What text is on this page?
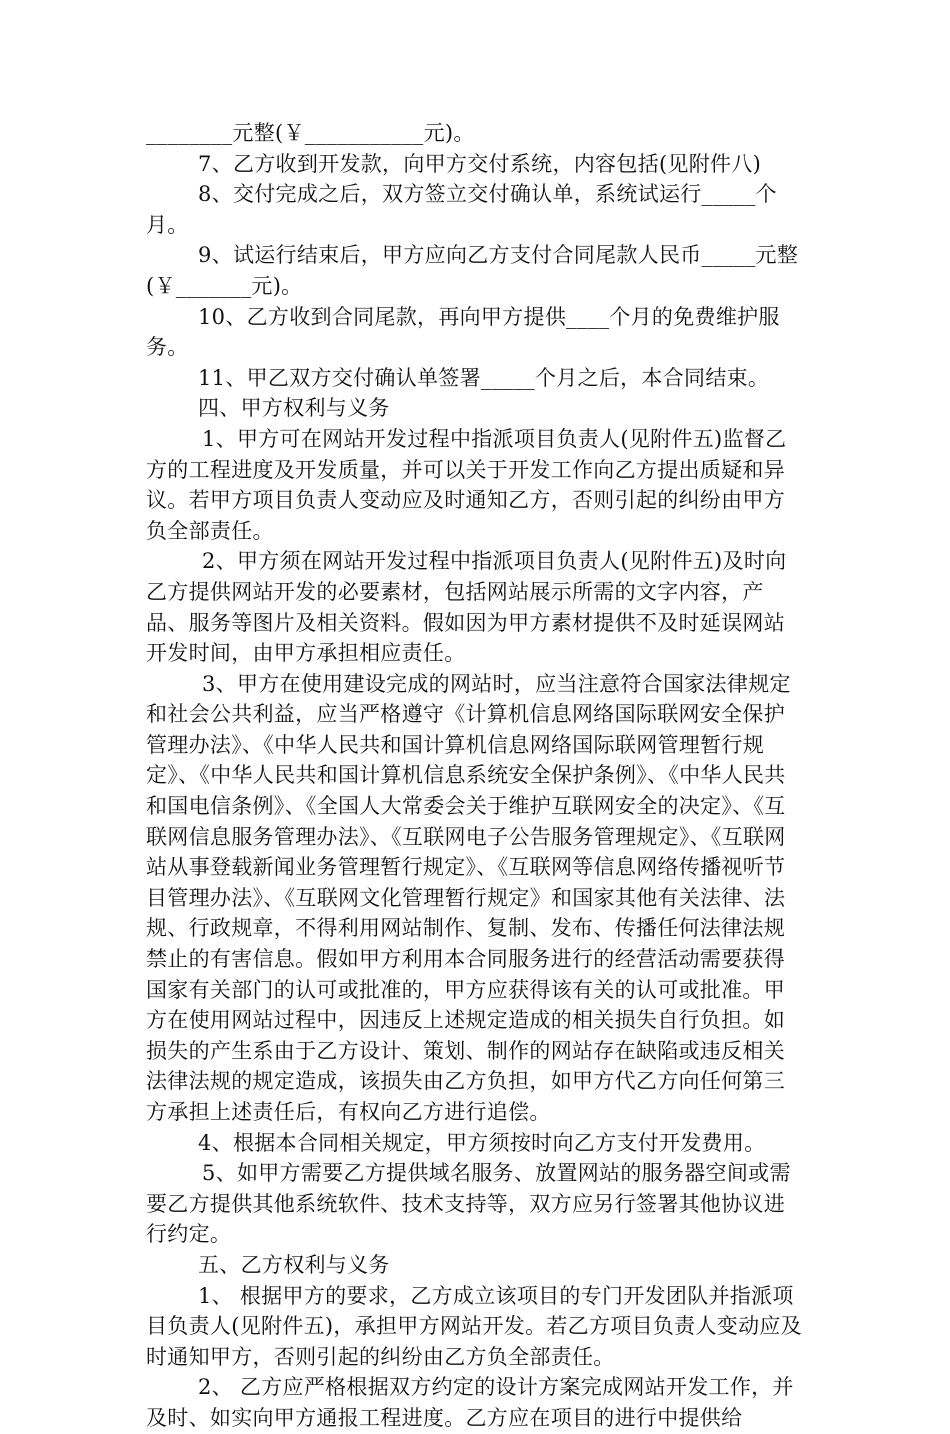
________元整(￥___________元)。

7、乙方收到开发款，向甲方交付系统，内容包括(见附件八)

8、交付完成之后，双方签立交付确认单，系统试运行_____个月。

9、试运行结束后，甲方应向乙方支付合同尾款人民币_____元整(￥_______元)。

10、乙方收到合同尾款，再向甲方提供____个月的免费维护服务。

11、甲乙双方交付确认单签署_____个月之后，本合同结束。

四、甲方权利与义务

1、甲方可在网站开发过程中指派项目负责人(见附件五)监督乙方的工程进度及开发质量，并可以关于开发工作向乙方提出质疑和异议。若甲方项目负责人变动应及时通知乙方，否则引起的纠纷由甲方负全部责任。

2、甲方须在网站开发过程中指派项目负责人(见附件五)及时向乙方提供网站开发的必要素材，包括网站展示所需的文字内容，产品、服务等图片及相关资料。假如因为甲方素材提供不及时延误网站开发时间，由甲方承担相应责任。

3、甲方在使用建设完成的网站时，应当注意符合国家法律规定和社会公共利益，应当严格遵守《计算机信息网络国际联网安全保护管理办法》、《中华人民共和国计算机信息网络国际联网管理暂行规定》、《中华人民共和国计算机信息系统安全保护条例》、《中华人民共和国电信条例》、《全国人大常委会关于维护互联网安全的决定》、《互联网信息服务管理办法》、《互联网电子公告服务管理规定》、《互联网站从事登载新闻业务管理暂行规定》、《互联网等信息网络传播视听节目管理办法》、《互联网文化管理暂行规定》和国家其他有关法律、法规、行政规章，不得利用网站制作、复制、发布、传播任何法律法规禁止的有害信息。假如甲方利用本合同服务进行的经营活动需要获得国家有关部门的认可或批准的，甲方应获得该有关的认可或批准。甲方在使用网站过程中，因违反上述规定造成的相关损失自行负担。如损失的产生系由于乙方设计、策划、制作的网站存在缺陷或违反相关法律法规的规定造成，该损失由乙方负担，如甲方代乙方向任何第三方承担上述责任后，有权向乙方进行追偿。

4、根据本合同相关规定，甲方须按时向乙方支付开发费用。

5、如甲方需要乙方提供域名服务、放置网站的服务器空间或需要乙方提供其他系统软件、技术支持等，双方应另行签署其他协议进行约定。

五、乙方权利与义务

1、 根据甲方的要求，乙方成立该项目的专门开发团队并指派项目负责人(见附件五)，承担甲方网站开发。若乙方项目负责人变动应及时通知甲方，否则引起的纠纷由乙方负全部责任。

2、 乙方应严格根据双方约定的设计方案完成网站开发工作，并及时、如实向甲方通报工程进度。乙方应在项目的进行中提供给
